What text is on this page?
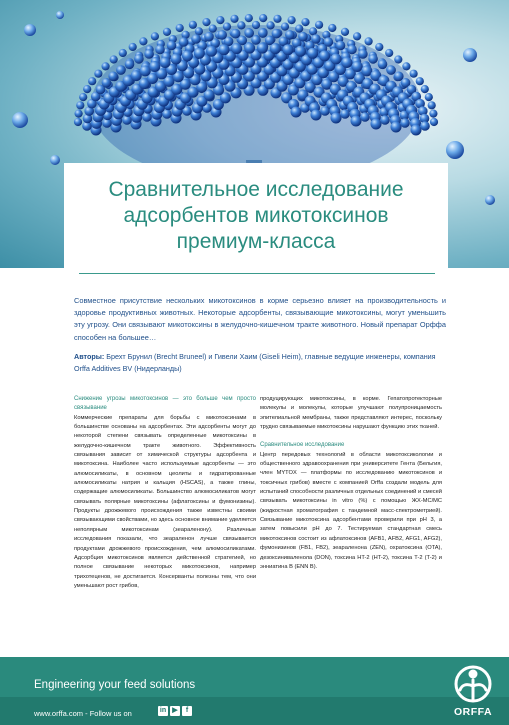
Сравнительное исследование
адсорбентов микотоксинов
премиум-класса
Совместное присутствие нескольких микотоксинов в корме серьезно влияет на производительность и здоровье продуктивных животных. Некоторые адсорбенты, связывающие микотоксины, могут уменьшить эту угрозу. Они связывают микотоксины в желудочно-кишечном тракте животного. Новый препарат Орффа способен на большее…
Авторы: Брехт Брунил (Brecht Bruneel) и Гивели Хаим (Giseli Heim), главные ведущие инженеры, компания Orffa Additives BV (Нидерланды)
Снижение угрозы микотоксинов — это больше чем просто связывание

Коммерческие препараты для борьбы с микотоксинами в большинстве основаны на адсорбентах. Эти адсорбенты могут до некоторой степени связывать определенные микотоксины в желудочно-кишечном тракте животного. Эффективность связывания зависит от химической структуры адсорбента и микотоксина. Наиболее часто используемые адсорбенты — это алюмосиликаты, в основном цеолиты и гидратированные алюмосиликаты натрия и кальция (HSCAS), а также глины, содержащие алюмосиликаты. Большинство алюмосиликатов могут связывать полярные микотоксины (афлатоксины и фумонизины). Продукты дрожжевого происхождения также известны своими связывающими свойствами, но здесь основное внимание уделяется неполярным микотоксинам (зеараленону). Различные исследования показали, что зеараленон лучше связывается продуктами дрожжевого происхождения, чем алюмосиликатами. Адсорбция микотоксинов является действенной стратегией, но полное связывание некоторых микотоксинов, например трихотеценов, не достигается. Консерванты полезны тем, что они уменьшают рост грибов,

продуцирующих микотоксины, в корме. Гепатопротекторные молекулы и молекулы, которые улучшают полупроницаемость эпителиальной мембраны, также представляют интерес, поскольку трудно связываемые микотоксины нарушают функцию этих тканей.

Сравнительное исследование

Центр передовых технологий в области микотоксикологии и общественного здравоохранения при университете Гента (Бельгия, член MYTOX — платформы по исследованию микотоксинов и токсичных грибов) вместе с компанией Orffa создали модель для испытаний способности различных отдельных соединений и смесей связывать микотоксины in vitro (%) с помощью ЖХ-МС/МС (жидкостная хроматография с тандемной масс-спектрометрией). Связывание микотоксина адсорбентами проверили при pH 3, а затем повысили pH до 7. Тестируемая стандартная смесь микотоксинов состоит из афлатоксинов (AFB1, AFB2, AFG1, AFG2), фумонизинов (FB1, FB2), зеараленона (ZEN), охратоксина (OTA), дезоксиниваленола (DON), токсина HT-2 (HT-2), токсина T-2 (T-2) и энниатина B (ENN B).

Engineering your feed solutions
www.orffa.com - Follow us on	in ▶	f	ORFFA
